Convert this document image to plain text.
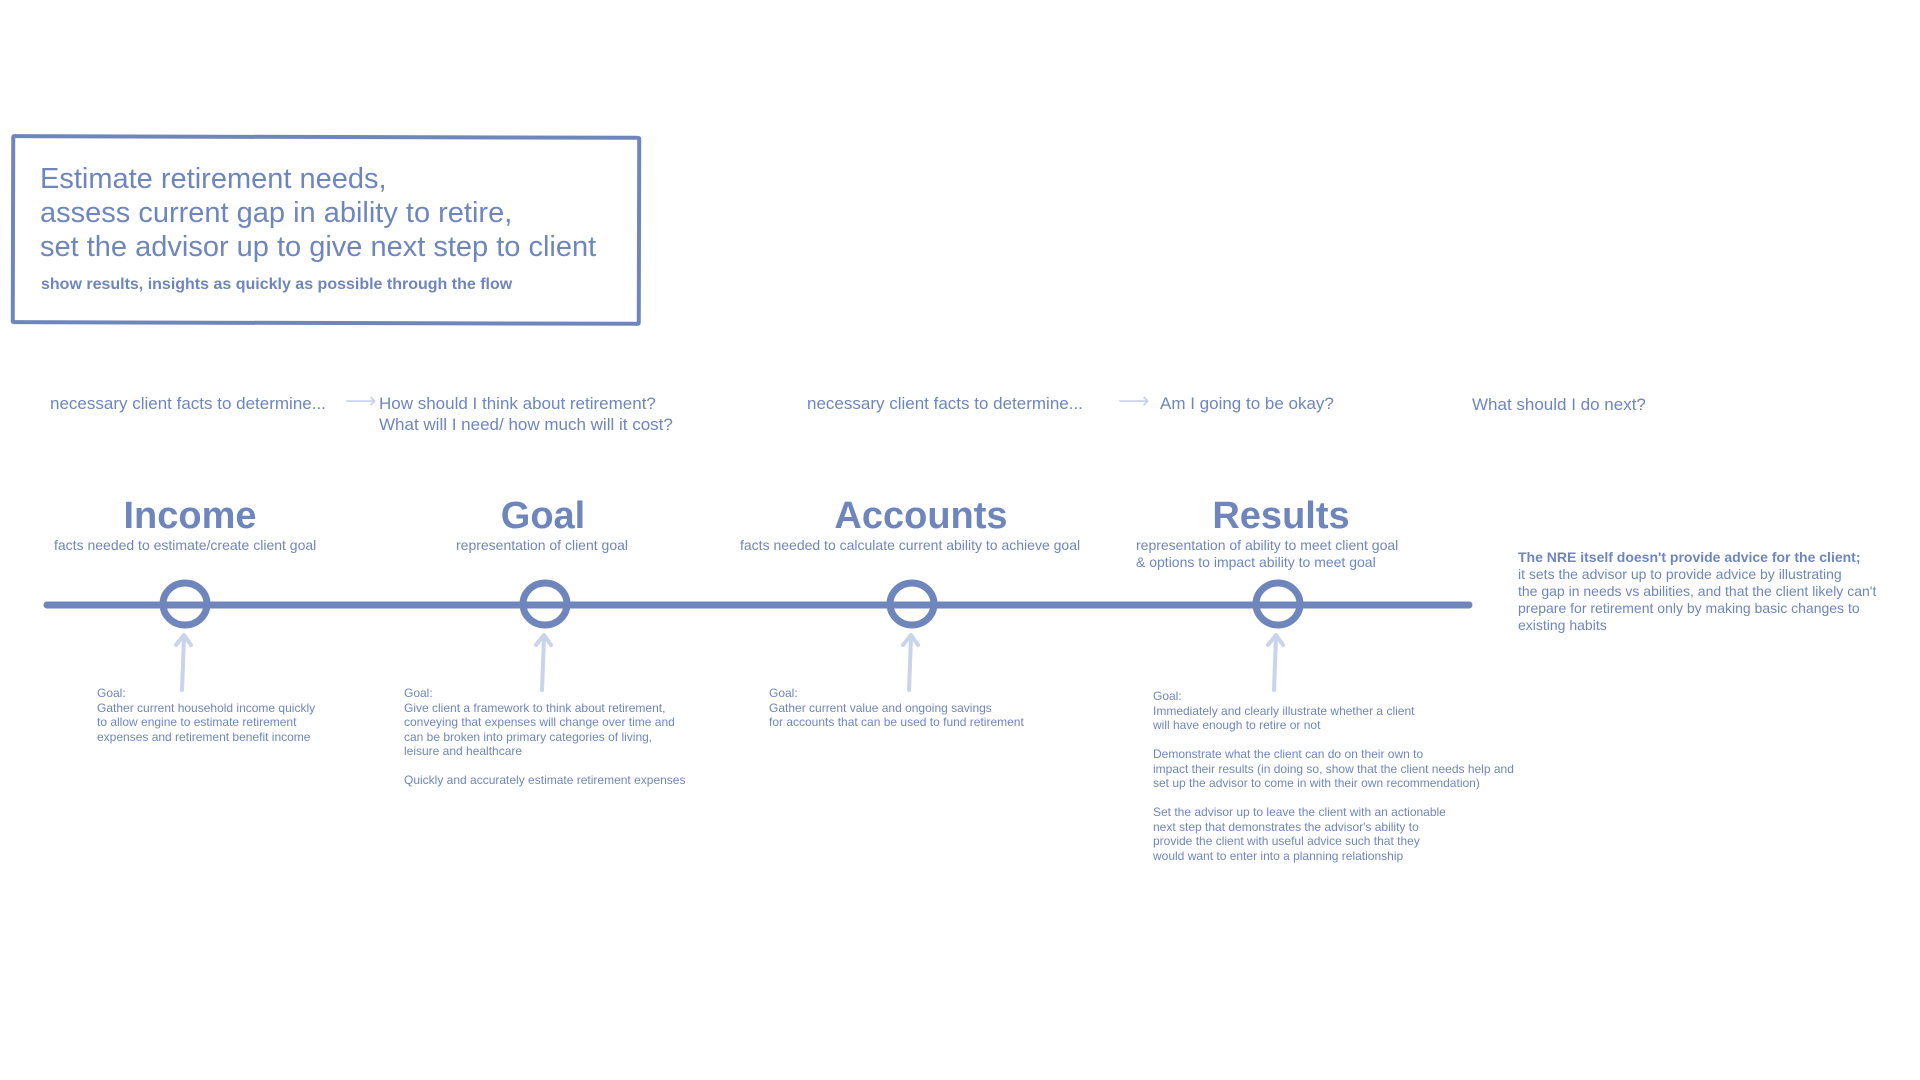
Estimate retirement needs,
assess current gap in ability to retire,
set the advisor up to give next step to client
show results, insights as quickly as possible through the flow
necessary client facts to determine... ⟶ How should I think about retirement?
What will I need/ how much will it cost?
necessary client facts to determine... ⟶ Am I going to be okay?	What should I do next?
Income	Goal	Accounts	Results
facts needed to estimate/create client goal	representation of client goal	facts needed to calculate current ability to achieve goal	representation of ability to meet client goal
& options to impact ability to meet goal
Goal:
Gather current household income quickly
to allow engine to estimate retirement
expenses and retirement benefit income
Goal:

Give client a framework to think about retirement,
conveying that expenses will change over time and
can be broken into primary categories of living,
leisure and healthcare

Quickly and accurately estimate retirement expenses

Goal:
Gather current value and ongoing savings
for accounts that can be used to fund retirement
Goal:

Immediately and clearly illustrate whether a client
will have enough to retire or not

Demonstrate what the client can do on their own to
impact their results (in doing so, show that the client needs help and
set up the advisor to come in with their own recommendation)

Set the advisor up to leave the client with an actionable
next step that demonstrates the advisor's ability to
provide the client with useful advice such that they
would want to enter into a planning relationship

The NRE itself doesn't provide advice for the client;
it sets the advisor up to provide advice by illustrating
the gap in needs vs abilities, and that the client likely can't
prepare for retirement only by making basic changes to
existing habits
